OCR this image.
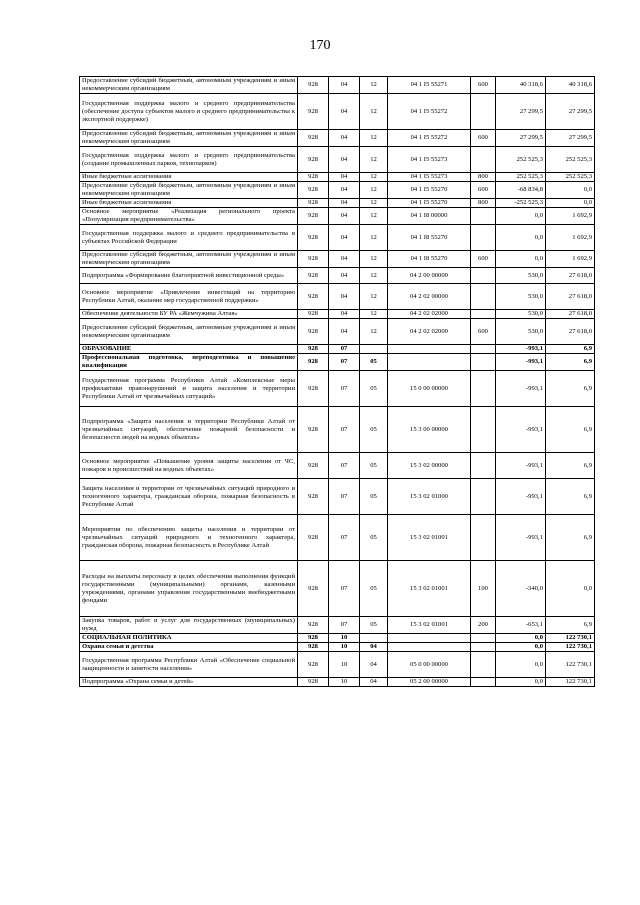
170
Предоставление субсидий бюджетным, автономным учреждениям и иным некоммерческим организациям	928	04	12	04 1 I5 55271	600	40 318,6	40 318,6
Государственная поддержка малого и среднего предпринимательства (обеспечение доступа субъектов малого и среднего предпринимательства к экспортной поддержке)	928	04	12	04 1 I5 55272		27 299,5	27 299,5
Предоставление субсидий бюджетным, автономным учреждениям и иным некоммерческим организациям	928	04	12	04 1 I5 55272	600	27 299,5	27 299,5
Государственная поддержка малого и среднего предпринимательства (создание промышленных парков, технопарков)	928	04	12	04 1 I5 55273		252 525,3	252 525,3
Иные бюджетные ассигнования	928	04	12	04 1 I5 55273	800	252 525,3	252 525,3
Предоставление субсидий бюджетным, автономным учреждениям и иным некоммерческим организациям	928	04	12	04 1 I5 55270	600	-68 834,8	0,0
Иные бюджетные ассигнования	928	04	12	04 1 I5 55270	800	-252 525,3	0,0
Основное мероприятие «Реализация регионального проекта «Популяризация предпринимательства»	928	04	12	04 1 I8 00000		0,0	1 692,9
Государственная поддержка малого и среднего предпринимательства в субъектах Российской Федерации	928	04	12	04 1 I8 55270		0,0	1 692,9
Предоставление субсидий бюджетным, автономным учреждениям и иным некоммерческим организациям	928	04	12	04 1 I8 55270	600	0,0	1 692,9
Подпрограмма «Формирование благоприятной инвестиционной среды»	928	04	12	04 2 00 00000		530,0	27 618,0
Основное мероприятие «Привлечение инвестиций на территорию Республики Алтай, оказание мер государственной поддержки»	928	04	12	04 2 02 00000		530,0	27 618,0
Обеспечение деятельности БУ РА «Жемчужина Алтая»	928	04	12	04 2 02 02000		530,0	27 618,0
Предоставление субсидий бюджетным, автономным учреждениям и иным некоммерческим организациям	928	04	12	04 2 02 02000	600	530,0	27 618,0
ОБРАЗОВАНИЕ	928	07				-993,1	6,9
Профессиональная подготовка, переподготовка и повышение квалификации	928	07	05			-993,1	6,9
Государственная программа Республики Алтай «Комплексные меры профилактики правонарушений и защита населения и территории Республики Алтай от чрезвычайных ситуаций»	928	07	05	15 0 00 00000		-993,1	6,9
Подпрограмма «Защита населения и территории Республики Алтай от чрезвычайных ситуаций, обеспечение пожарной безопасности и безопасности людей на водных объектах»	928	07	05	15 3 00 00000		-993,1	6,9
Основное мероприятие «Повышение уровня защиты населения от ЧС, пожаров и происшествий на водных объектах»	928	07	05	15 3 02 00000		-993,1	6,9
Защита населения и территории от чрезвычайных ситуаций природного и техногенного характера, гражданская оборона, пожарная безопасность в Республике Алтай	928	07	05	15 3 02 01000		-993,1	6,9
Мероприятия по обеспечению защиты населения и территории от чрезвычайных ситуаций природного и техногенного характера, гражданская оборона, пожарная безопасность в Республике Алтай	928	07	05	15 3 02 01001		-993,1	6,9
Расходы на выплаты персоналу в целях обеспечения выполнения функций государственными (муниципальными) органами, казенными учреждениями, органами управления государственными внебюджетными фондами	928	07	05	15 3 02 01001	100	-340,0	0,0
Закупка товаров, работ и услуг для государственных (муниципальных) нужд	928	07	05	15 3 02 01001	200	-653,1	6,9
СОЦИАЛЬНАЯ ПОЛИТИКА	928	10				0,0	122 730,1
Охрана семьи и детства	928	10	04			0,0	122 730,1
Государственная программа Республики Алтай «Обеспечение социальной защищенности и занятости населения»	928	10	04	05 0 00 00000		0,0	122 730,1
Подпрограмма «Охрана семьи и детей»	928	10	04	05 2 00 00000		0,0	122 730,1
